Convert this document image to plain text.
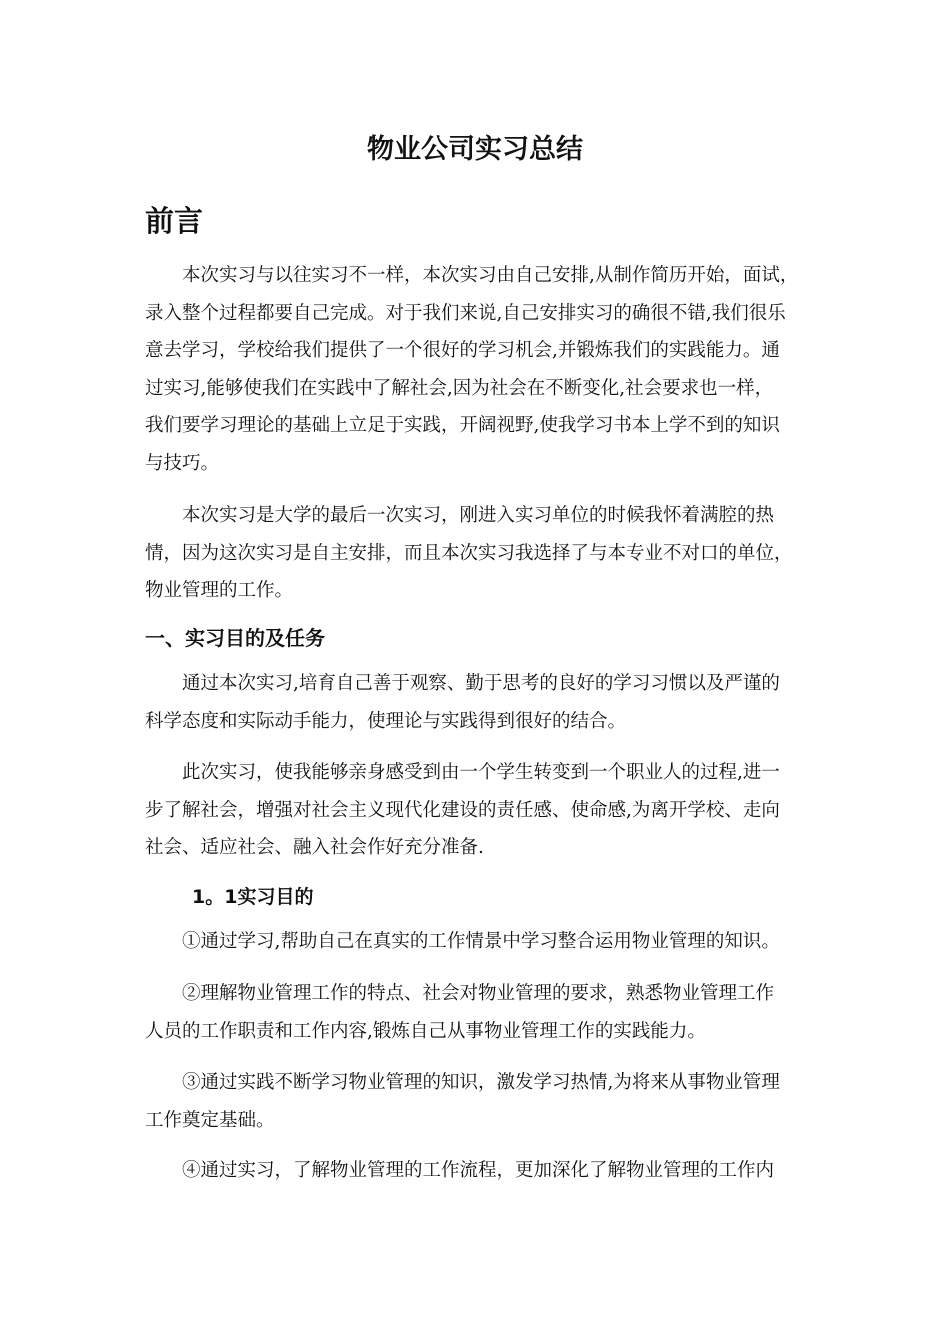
物业公司实习总结
前言
本次实习与以往实习不一样，本次实习由自己安排,从制作简历开始，面试，
录入整个过程都要自己完成。对于我们来说,自己安排实习的确很不错,我们很乐
意去学习，学校给我们提供了一个很好的学习机会,并锻炼我们的实践能力。通
过实习,能够使我们在实践中了解社会,因为社会在不断变化,社会要求也一样，
我们要学习理论的基础上立足于实践，开阔视野,使我学习书本上学不到的知识
与技巧。
本次实习是大学的最后一次实习，刚进入实习单位的时候我怀着满腔的热
情，因为这次实习是自主安排，而且本次实习我选择了与本专业不对口的单位，
物业管理的工作。
一、实习目的及任务
通过本次实习,培育自己善于观察、勤于思考的良好的学习习惯以及严谨的
科学态度和实际动手能力，使理论与实践得到很好的结合。
此次实习，使我能够亲身感受到由一个学生转变到一个职业人的过程,进一
步了解社会，增强对社会主义现代化建设的责任感、使命感,为离开学校、走向
社会、适应社会、融入社会作好充分准备.
1。1实习目的
①通过学习,帮助自己在真实的工作情景中学习整合运用物业管理的知识。
②理解物业管理工作的特点、社会对物业管理的要求，熟悉物业管理工作
人员的工作职责和工作内容,锻炼自己从事物业管理工作的实践能力。
③通过实践不断学习物业管理的知识，激发学习热情,为将来从事物业管理
工作奠定基础。
④通过实习，了解物业管理的工作流程，更加深化了解物业管理的工作内
